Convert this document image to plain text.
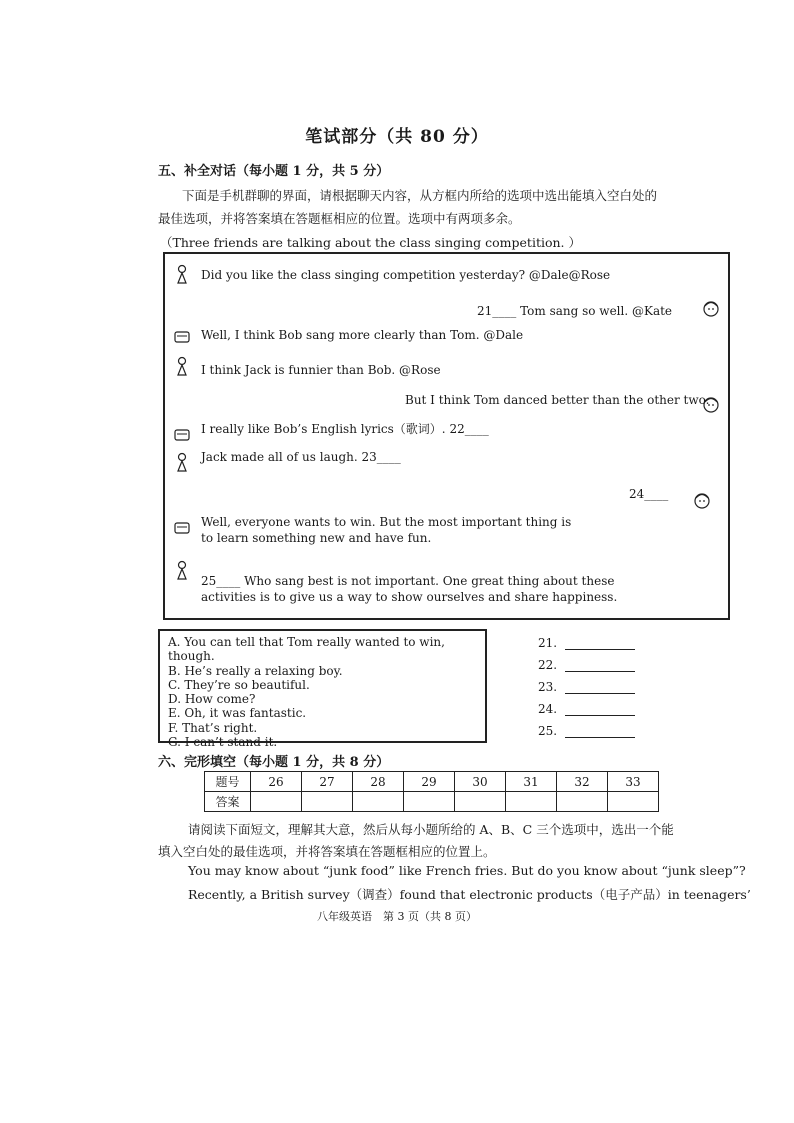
笔试部分（共 80 分）
五、补全对话（每小题 1 分，共 5 分）
下面是手机群聊的界面，请根据聊天内容，从方框内所给的选项中选出能填入空白处的
最佳选项，并将答案填在答题框相应的位置。选项中有两项多余。
（Three friends are talking about the class singing competition. ）
Did you like the class singing competition yesterday? @Dale@Rose
21____ Tom sang so well. @Kate
Well, I think Bob sang more clearly than Tom. @Dale
I think Jack is funnier than Bob. @Rose
But I think Tom danced better than the other two.
I really like Bob’s English lyrics（歌词）. 22____
Jack made all of us laugh. 23____
24____
Well, everyone wants to win. But the most important thing is
to learn something new and have fun.
25____ Who sang best is not important. One great thing about these
activities is to give us a way to show ourselves and share happiness.
A. You can tell that Tom really wanted to win, though.
B. He’s really a relaxing boy.
C. They’re so beautiful.
D. How come?
E. Oh, it was fantastic.
F. That’s right.
G. I can’t stand it.
21.
22.
23.
24.
25.
六、完形填空（每小题 1 分，共 8 分）
题号	26	27	28	29	30	31	32	33
答案								
请阅读下面短文，理解其大意，然后从每小题所给的 A、B、C 三个选项中，选出一个能
填入空白处的最佳选项，并将答案填在答题框相应的位置上。
You may know about “junk food” like French fries. But do you know about “junk sleep”?
Recently, a British survey（调查）found that electronic products（电子产品）in teenagers’
八年级英语　第 3 页（共 8 页）
